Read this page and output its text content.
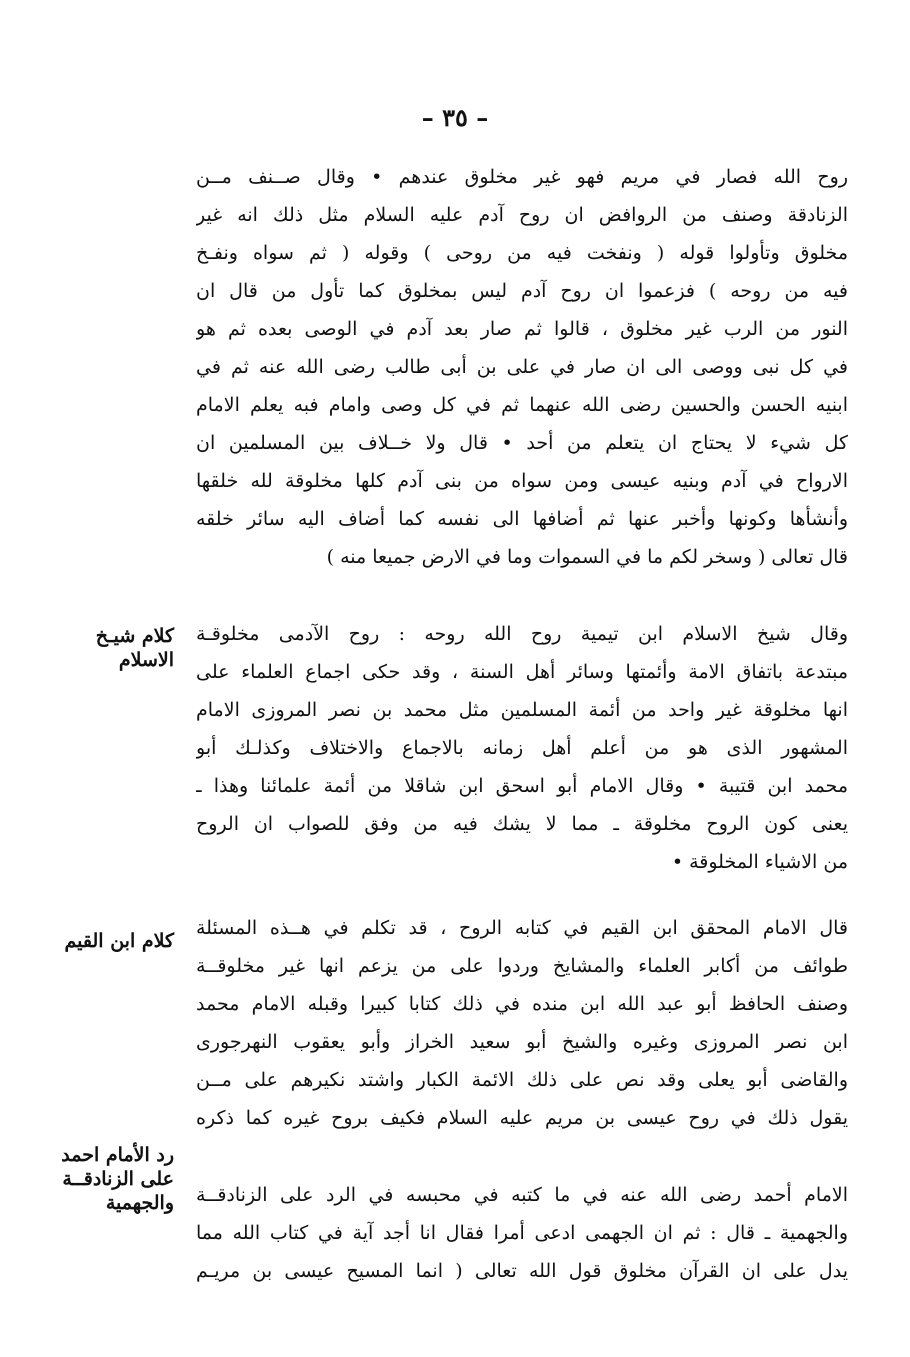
– ٣٥ –
روح الله فصار في مريم فهو غير مخلوق عندهم • وقال صــنف مــن
الزنادقة وصنف من الروافض ان روح آدم عليه السلام مثل ذلك انه غير
مخلوق وتأولوا قوله ( ونفخت فيه من روحى ) وقوله ( ثم سواه ونفـخ
فيه من روحه ) فزعموا ان روح آدم ليس بمخلوق كما تأول من قال ان
النور من الرب غير مخلوق ، قالوا ثم صار بعد آدم في الوصى بعده ثم هو
في كل نبى ووصى الى ان صار في على بن أبى طالب رضى الله عنه ثم في
ابنيه الحسن والحسين رضى الله عنهما ثم في كل وصى وامام فبه يعلم الامام
كل شيء لا يحتاج ان يتعلم من أحد • قال ولا خــلاف بين المسلمين ان
الارواح في آدم وبنيه عيسى ومن سواه من بنى آدم كلها مخلوقة لله خلقها
وأنشأها وكونها وأخبر عنها ثم أضافها الى نفسه كما أضاف اليه سائر خلقه
قال تعالى ( وسخر لكم ما في السموات وما في الارض جميعا منه )
كلام شيـخ
الاسلام
وقال شيخ الاسلام ابن تيمية روح الله روحه : روح الآدمى مخلوقـة
مبتدعة باتفاق الامة وأئمتها وسائر أهل السنة ، وقد حكى اجماع العلماء على
انها مخلوقة غير واحد من أئمة المسلمين مثل محمد بن نصر المروزى الامام
المشهور الذى هو من أعلم أهل زمانه بالاجماع والاختلاف وكذلـك أبو
محمد ابن قتيبة • وقال الامام أبو اسحق ابن شاقلا من أئمة علمائنا وهذا ـ
يعنى كون الروح مخلوقة ـ مما لا يشك فيه من وفق للصواب ان الروح
من الاشياء المخلوقة •
كلام ابن القيم
قال الامام المحقق ابن القيم في كتابه الروح ، قد تكلم في هــذه المسئلة
طوائف من أكابر العلماء والمشايخ وردوا على من يزعم انها غير مخلوقــة
وصنف الحافظ أبو عبد الله ابن منده في ذلك كتابا كبيرا وقبله الامام محمد
ابن نصر المروزى وغيره والشيخ أبو سعيد الخراز وأبو يعقوب النهرجورى
والقاضى أبو يعلى وقد نص على ذلك الائمة الكبار واشتد نكيرهم على مــن
يقول ذلك في روح عيسى بن مريم عليه السلام فكيف بروح غيره كما ذكره
رد الأمام احمد
على الزنادقــة
والجهمية الامام أحمد رضى الله عنه في ما كتبه في محبسه في الرد على الزنادقــة
والجهمية ـ قال : ثم ان الجهمى ادعى أمرا فقال انا أجد آية في كتاب الله مما
يدل على ان القرآن مخلوق قول الله تعالى ( انما المسيح عيسى بن مريـم
